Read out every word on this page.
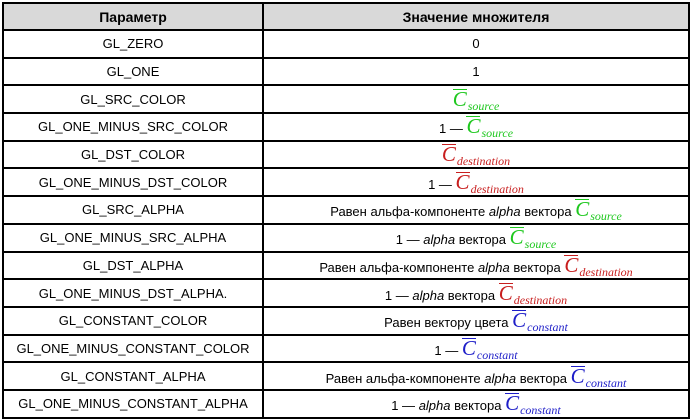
Параметр	Значение множителя
GL_ZERO	0
GL_ONE	1
GL_SRC_COLOR	Csource
GL_ONE_MINUS_SRC_COLOR	1 — Csource
GL_DST_COLOR	Cdestination
GL_ONE_MINUS_DST_COLOR	1 — Cdestination
GL_SRC_ALPHA	Равен альфа-компоненте alpha вектора Csource
GL_ONE_MINUS_SRC_ALPHA	1 — alpha вектора Csource
GL_DST_ALPHA	Равен альфа-компоненте alpha вектора Cdestination
GL_ONE_MINUS_DST_ALPHA.	1 — alpha вектора Cdestination
GL_CONSTANT_COLOR	Равен вектору цвета Cconstant
GL_ONE_MINUS_CONSTANT_COLOR	1 — Cconstant
GL_CONSTANT_ALPHA	Равен альфа-компоненте alpha вектора Cconstant
GL_ONE_MINUS_CONSTANT_ALPHA	1 — alpha вектора Cconstant
